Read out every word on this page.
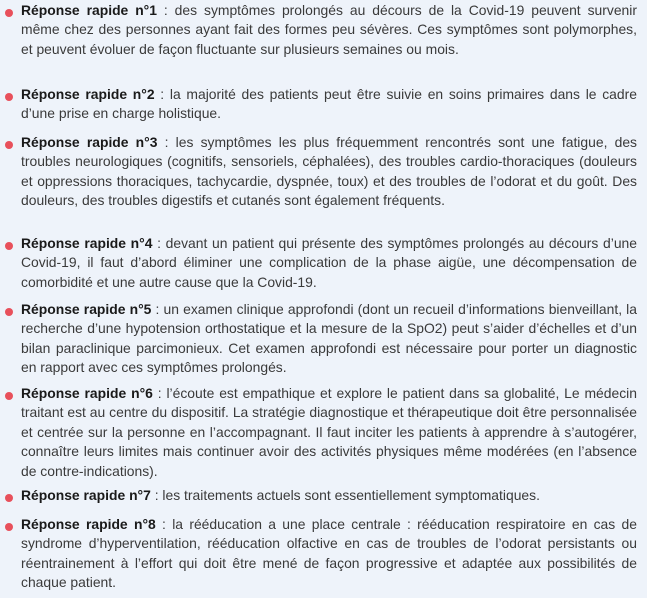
Réponse rapide n°1 : des symptômes prolongés au décours de la Covid-19 peuvent survenir même chez des personnes ayant fait des formes peu sévères. Ces symptômes sont polymorphes, et peuvent évoluer de façon fluctuante sur plusieurs semaines ou mois.

Réponse rapide n°2 : la majorité des patients peut être suivie en soins primaires dans le cadre d’une prise en charge holistique.

Réponse rapide n°3 : les symptômes les plus fréquemment rencontrés sont une fatigue, des troubles neurologiques (cognitifs, sensoriels, céphalées), des troubles cardio-thoraciques (douleurs et oppressions thoraciques, tachycardie, dyspnée, toux) et des troubles de l’odorat et du goût. Des douleurs, des troubles digestifs et cutanés sont également fréquents.

Réponse rapide n°4 : devant un patient qui présente des symptômes prolongés au décours d’une Covid-19, il faut d’abord éliminer une complication de la phase aigüe, une décompensation de comorbidité et une autre cause que la Covid-19.

Réponse rapide n°5 : un examen clinique approfondi (dont un recueil d’informations bienveillant, la recherche d’une hypotension orthostatique et la mesure de la SpO2) peut s’aider d’échelles et d’un bilan paraclinique parcimonieux. Cet examen approfondi est nécessaire pour porter un diagnostic en rapport avec ces symptômes prolongés.

Réponse rapide n°6 : l’écoute est empathique et explore le patient dans sa globalité, Le médecin traitant est au centre du dispositif. La stratégie diagnostique et thérapeutique doit être personnalisée et centrée sur la personne en l’accompagnant. Il faut inciter les patients à apprendre à s’autogérer, connaître leurs limites mais continuer avoir des activités physiques même modérées (en l’absence de contre-indications).

Réponse rapide n°7 : les traitements actuels sont essentiellement symptomatiques.

Réponse rapide n°8 : la rééducation a une place centrale : rééducation respiratoire en cas de syndrome d’hyperventilation, rééducation olfactive en cas de troubles de l’odorat persistants ou réentrainement à l’effort qui doit être mené de façon progressive et adaptée aux possibilités de chaque patient.
